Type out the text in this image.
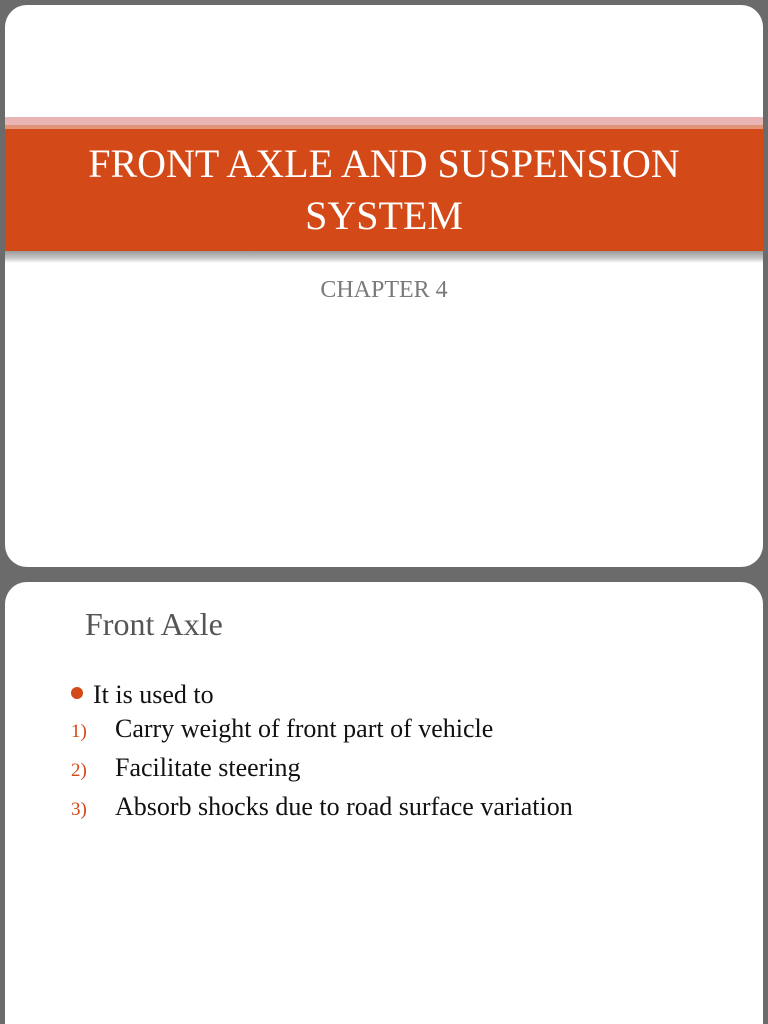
FRONT AXLE AND SUSPENSION SYSTEM

CHAPTER 4

Front Axle
It is used to
1)	Carry weight of front part of vehicle
2)	Facilitate steering
3)	Absorb shocks due to road surface variation
